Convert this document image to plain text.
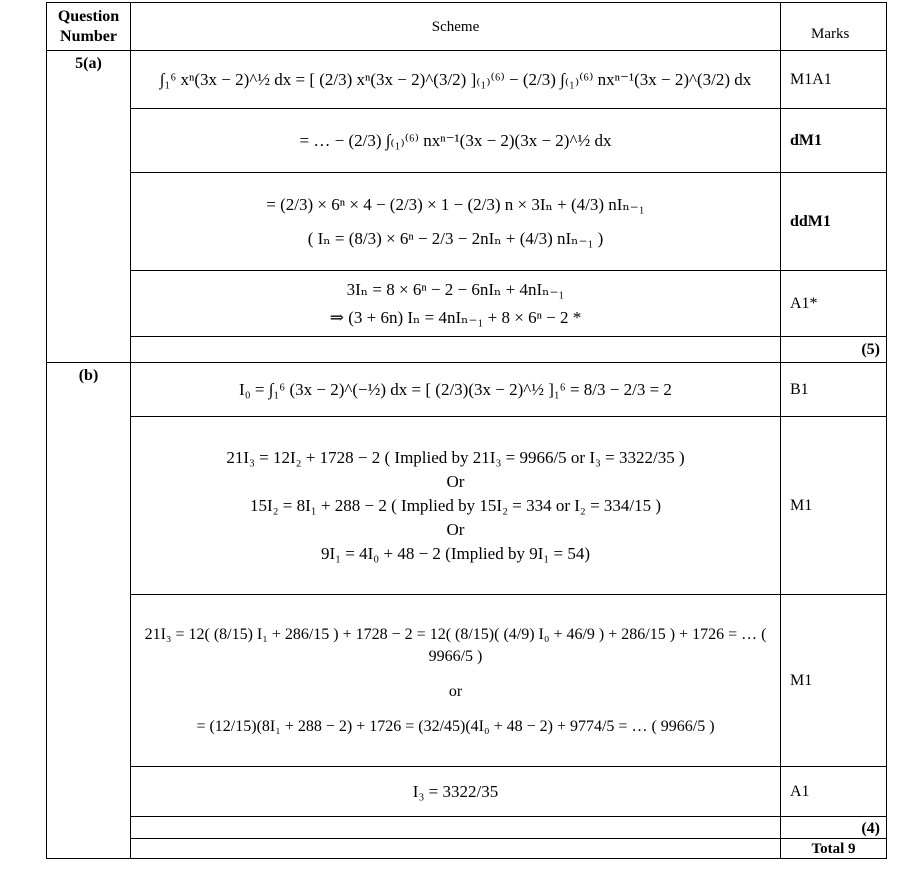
Question Number	Scheme	Marks
5(a)	∫₁⁶ xⁿ(3x − 2)^½ dx = [ (2/3) xⁿ(3x − 2)^(3/2) ]₍₁₎⁽⁶⁾ − (2/3) ∫₍₁₎⁽⁶⁾ nxⁿ⁻¹(3x − 2)^(3/2) dx	M1A1

	= … − (2/3) ∫₍₁₎⁽⁶⁾ nxⁿ⁻¹(3x − 2)(3x − 2)^½ dx	dM1

	= (2/3) × 6ⁿ × 4 − (2/3) × 1 − (2/3) n × 3Iₙ + (4/3) nIₙ₋₁
( Iₙ = (8/3) × 6ⁿ − 2/3 − 2nIₙ + (4/3) nIₙ₋₁ )	ddM1

	3Iₙ = 8 × 6ⁿ − 2 − 6nIₙ + 4nIₙ₋₁
⇒ (3 + 6n) Iₙ = 4nIₙ₋₁ + 8 × 6ⁿ − 2 *	A1*
		(5)
(b)	I₀ = ∫₁⁶ (3x − 2)^(−½) dx = [ (2/3)(3x − 2)^½ ]₁⁶ = 8/3 − 2/3 = 2	B1

	21I₃ = 12I₂ + 1728 − 2 ( Implied by 21I₃ = 9966/5 or I₃ = 3322/35 )
Or
15I₂ = 8I₁ + 288 − 2 ( Implied by 15I₂ = 334 or I₂ = 334/15 )
Or
9I₁ = 4I₀ + 48 − 2 (Implied by 9I₁ = 54)	M1

	21I₃ = 12( (8/15) I₁ + 286/15 ) + 1728 − 2 = 12( (8/15)( (4/9) I₀ + 46/9 ) + 286/15 ) + 1726 = … ( 9966/5 )
or
= (12/15)(8I₁ + 288 − 2) + 1726 = (32/45)(4I₀ + 48 − 2) + 9774/5 = … ( 9966/5 )	M1

	I₃ = 3322/35	A1
		(4)
		Total 9
